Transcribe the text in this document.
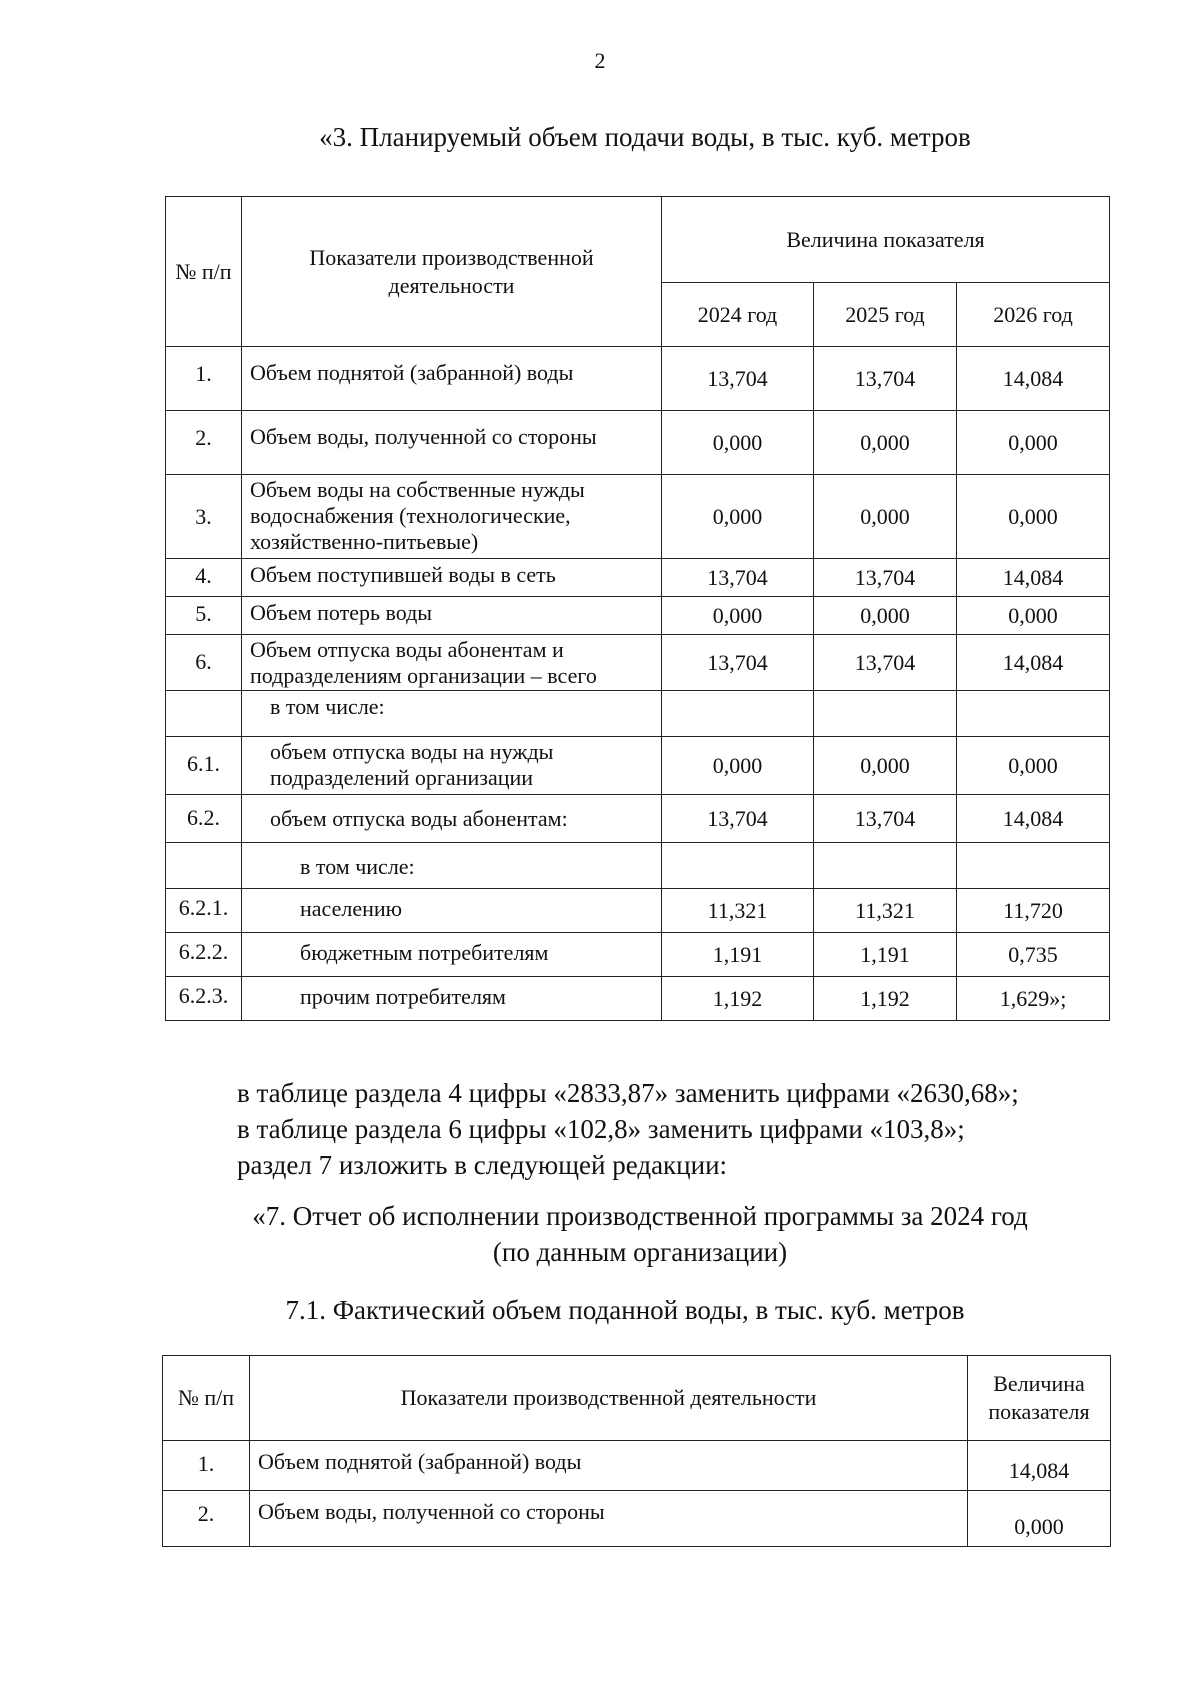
2
«3. Планируемый объем подачи воды, в тыс. куб. метров
№ п/п	Показатели производственной деятельности	Величина показателя		
		2024 год	2025 год	2026 год
1.	Объем поднятой (забранной) воды	13,704	13,704	14,084
2.	Объем воды, полученной со стороны	0,000	0,000	0,000
3.	Объем воды на собственные нужды водоснабжения (технологические, хозяйственно-питьевые)	0,000	0,000	0,000
4.	Объем поступившей воды в сеть	13,704	13,704	14,084
5.	Объем потерь воды	0,000	0,000	0,000
6.	Объем отпуска воды абонентам и подразделениям организации – всего	13,704	13,704	14,084
	в том числе:			
6.1.	объем отпуска воды на нужды подразделений организации	0,000	0,000	0,000
6.2.	объем отпуска воды абонентам:	13,704	13,704	14,084
	в том числе:			
6.2.1.	населению	11,321	11,321	11,720
6.2.2.	бюджетным потребителям	1,191	1,191	0,735
6.2.3.	прочим потребителям	1,192	1,192	1,629»;
в таблице раздела 4 цифры «2833,87» заменить цифрами «2630,68»;
в таблице раздела 6 цифры «102,8» заменить цифрами «103,8»;
раздел 7 изложить в следующей редакции:
«7. Отчет об исполнении производственной программы за 2024 год
(по данным организации)
7.1. Фактический объем поданной воды, в тыс. куб. метров
№ п/п	Показатели производственной деятельности	Величина показателя
1.	Объем поднятой (забранной) воды	14,084
2.	Объем воды, полученной со стороны	0,000
